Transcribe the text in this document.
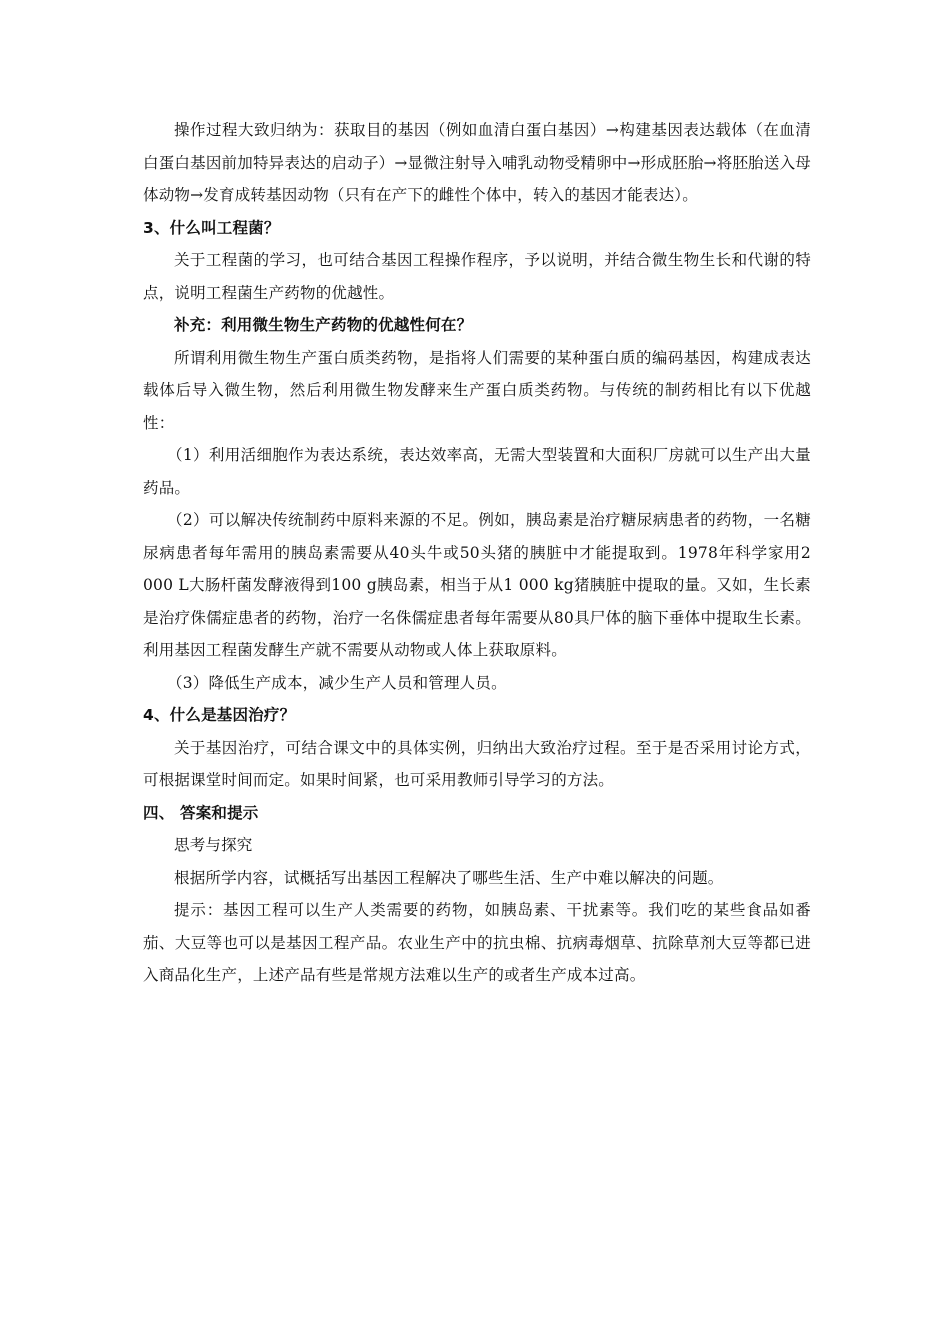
操作过程大致归纳为：获取目的基因（例如血清白蛋白基因）→构建基因表达载体（在血清白蛋白基因前加特异表达的启动子）→显微注射导入哺乳动物受精卵中→形成胚胎→将胚胎送入母体动物→发育成转基因动物（只有在产下的雌性个体中，转入的基因才能表达）。

3、什么叫工程菌？

关于工程菌的学习，也可结合基因工程操作程序，予以说明，并结合微生物生长和代谢的特点，说明工程菌生产药物的优越性。

补充：利用微生物生产药物的优越性何在？

所谓利用微生物生产蛋白质类药物，是指将人们需要的某种蛋白质的编码基因，构建成表达载体后导入微生物，然后利用微生物发酵来生产蛋白质类药物。与传统的制药相比有以下优越性：

（1）利用活细胞作为表达系统，表达效率高，无需大型装置和大面积厂房就可以生产出大量药品。

（2）可以解决传统制药中原料来源的不足。例如，胰岛素是治疗糖尿病患者的药物，一名糖尿病患者每年需用的胰岛素需要从40头牛或50头猪的胰脏中才能提取到。1978年科学家用2 000 L大肠杆菌发酵液得到100 g胰岛素，相当于从1 000 kg猪胰脏中提取的量。又如，生长素是治疗侏儒症患者的药物，治疗一名侏儒症患者每年需要从80具尸体的脑下垂体中提取生长素。利用基因工程菌发酵生产就不需要从动物或人体上获取原料。

（3）降低生产成本，减少生产人员和管理人员。

4、什么是基因治疗？

关于基因治疗，可结合课文中的具体实例，归纳出大致治疗过程。至于是否采用讨论方式，可根据课堂时间而定。如果时间紧，也可采用教师引导学习的方法。

四、 答案和提示

思考与探究

根据所学内容，试概括写出基因工程解决了哪些生活、生产中难以解决的问题。

提示：基因工程可以生产人类需要的药物，如胰岛素、干扰素等。我们吃的某些食品如番茄、大豆等也可以是基因工程产品。农业生产中的抗虫棉、抗病毒烟草、抗除草剂大豆等都已进入商品化生产，上述产品有些是常规方法难以生产的或者生产成本过高。
